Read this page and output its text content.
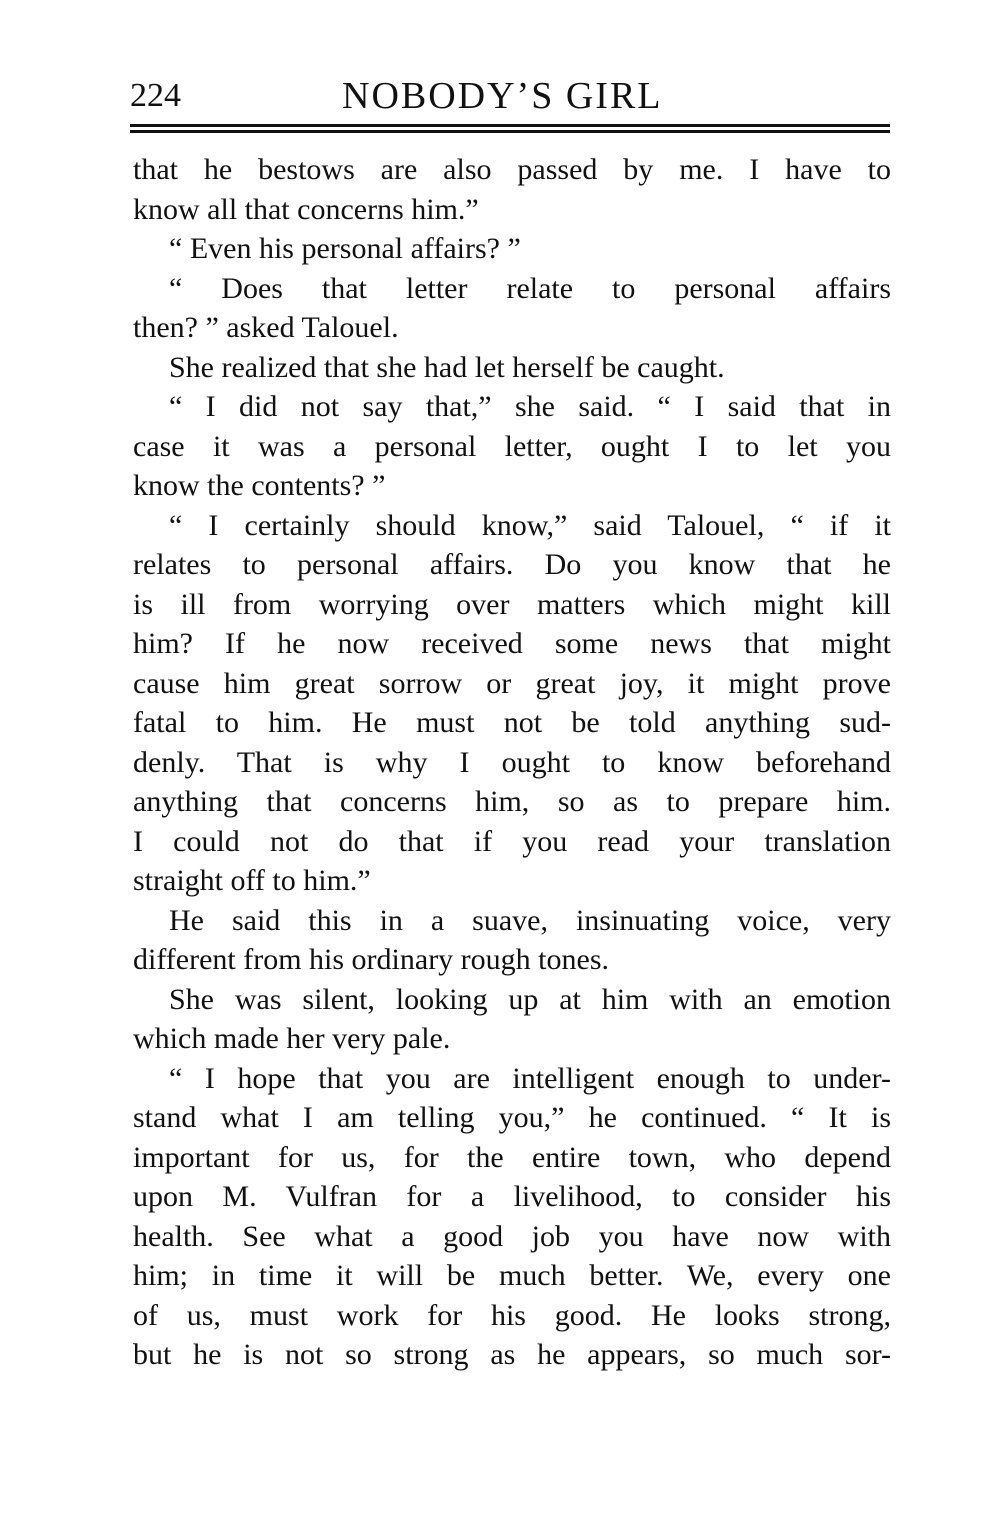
224	NOBODY’S GIRL
that he bestows are also passed by me. I have to
know all that concerns him.”
“ Even his personal affairs? ”
“ Does that letter relate to personal affairs
then? ” asked Talouel.
She realized that she had let herself be caught.
“ I did not say that,” she said. “ I said that in
case it was a personal letter, ought I to let you
know the contents? ”
“ I certainly should know,” said Talouel, “ if it
relates to personal affairs. Do you know that he
is ill from worrying over matters which might kill
him? If he now received some news that might
cause him great sorrow or great joy, it might prove
fatal to him. He must not be told anything sud-
denly. That is why I ought to know beforehand
anything that concerns him, so as to prepare him.
I could not do that if you read your translation
straight off to him.”
He said this in a suave, insinuating voice, very
different from his ordinary rough tones.
She was silent, looking up at him with an emotion
which made her very pale.
“ I hope that you are intelligent enough to under-
stand what I am telling you,” he continued. “ It is
important for us, for the entire town, who depend
upon M. Vulfran for a livelihood, to consider his
health. See what a good job you have now with
him; in time it will be much better. We, every one
of us, must work for his good. He looks strong,
but he is not so strong as he appears, so much sor-
